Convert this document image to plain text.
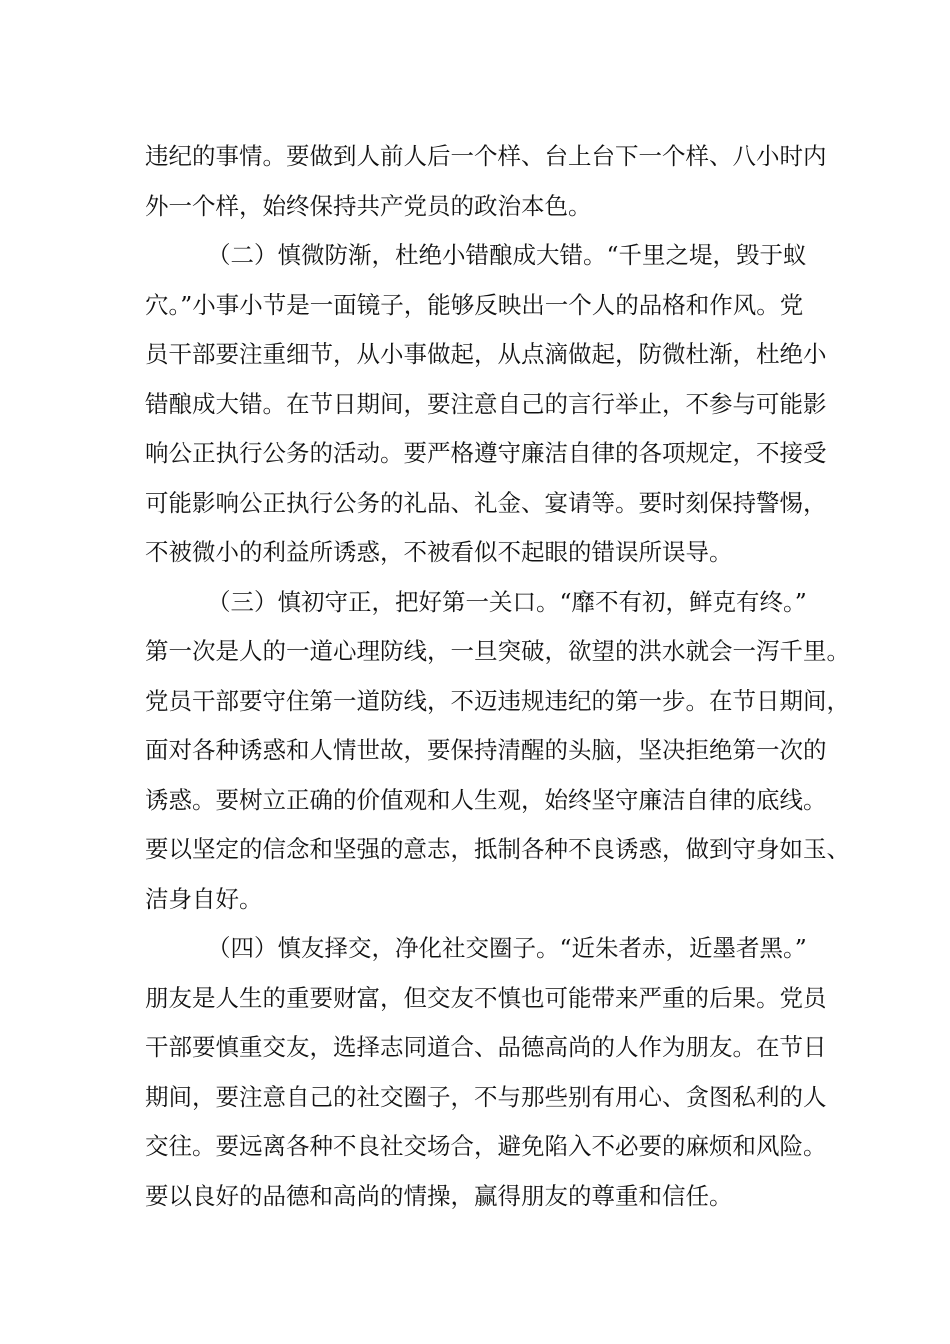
违纪的事情。要做到人前人后一个样、台上台下一个样、八小时内
外一个样，始终保持共产党员的政治本色。
（二）慎微防渐，杜绝小错酿成大错。“千里之堤，毁于蚁
穴。”小事小节是一面镜子，能够反映出一个人的品格和作风。党
员干部要注重细节，从小事做起，从点滴做起，防微杜渐，杜绝小
错酿成大错。在节日期间，要注意自己的言行举止，不参与可能影
响公正执行公务的活动。要严格遵守廉洁自律的各项规定，不接受
可能影响公正执行公务的礼品、礼金、宴请等。要时刻保持警惕，
不被微小的利益所诱惑，不被看似不起眼的错误所误导。
（三）慎初守正，把好第一关口。“靡不有初，鲜克有终。”
第一次是人的一道心理防线，一旦突破，欲望的洪水就会一泻千里。
党员干部要守住第一道防线，不迈违规违纪的第一步。在节日期间，
面对各种诱惑和人情世故，要保持清醒的头脑，坚决拒绝第一次的
诱惑。要树立正确的价值观和人生观，始终坚守廉洁自律的底线。
要以坚定的信念和坚强的意志，抵制各种不良诱惑，做到守身如玉、
洁身自好。
（四）慎友择交，净化社交圈子。“近朱者赤，近墨者黑。”
朋友是人生的重要财富，但交友不慎也可能带来严重的后果。党员
干部要慎重交友，选择志同道合、品德高尚的人作为朋友。在节日
期间，要注意自己的社交圈子，不与那些别有用心、贪图私利的人
交往。要远离各种不良社交场合，避免陷入不必要的麻烦和风险。
要以良好的品德和高尚的情操，赢得朋友的尊重和信任。
